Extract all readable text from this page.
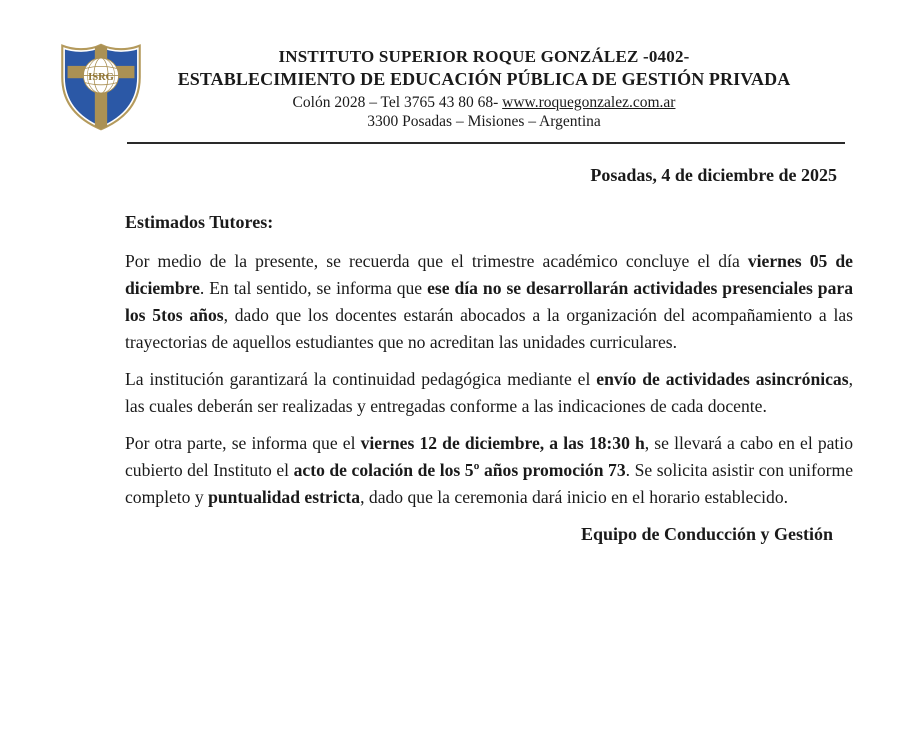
ISRG
INSTITUTO SUPERIOR ROQUE GONZÁLEZ -0402-
ESTABLECIMIENTO DE EDUCACIÓN PÚBLICA DE GESTIÓN PRIVADA
Colón 2028 – Tel 3765 43 80 68- www.roquegonzalez.com.ar
3300 Posadas – Misiones – Argentina
Posadas, 4 de diciembre de 2025
Estimados Tutores:

Por medio de la presente, se recuerda que el trimestre académico concluye el día viernes 05 de diciembre. En tal sentido, se informa que ese día no se desarrollarán actividades presenciales para los 5tos años, dado que los docentes estarán abocados a la organización del acompañamiento a las trayectorias de aquellos estudiantes que no acreditan las unidades curriculares.

La institución garantizará la continuidad pedagógica mediante el envío de actividades asincrónicas, las cuales deberán ser realizadas y entregadas conforme a las indicaciones de cada docente.

Por otra parte, se informa que el viernes 12 de diciembre, a las 18:30 h, se llevará a cabo en el patio cubierto del Instituto el acto de colación de los 5º años promoción 73. Se solicita asistir con uniforme completo y puntualidad estricta, dado que la ceremonia dará inicio en el horario establecido.

Equipo de Conducción y Gestión
